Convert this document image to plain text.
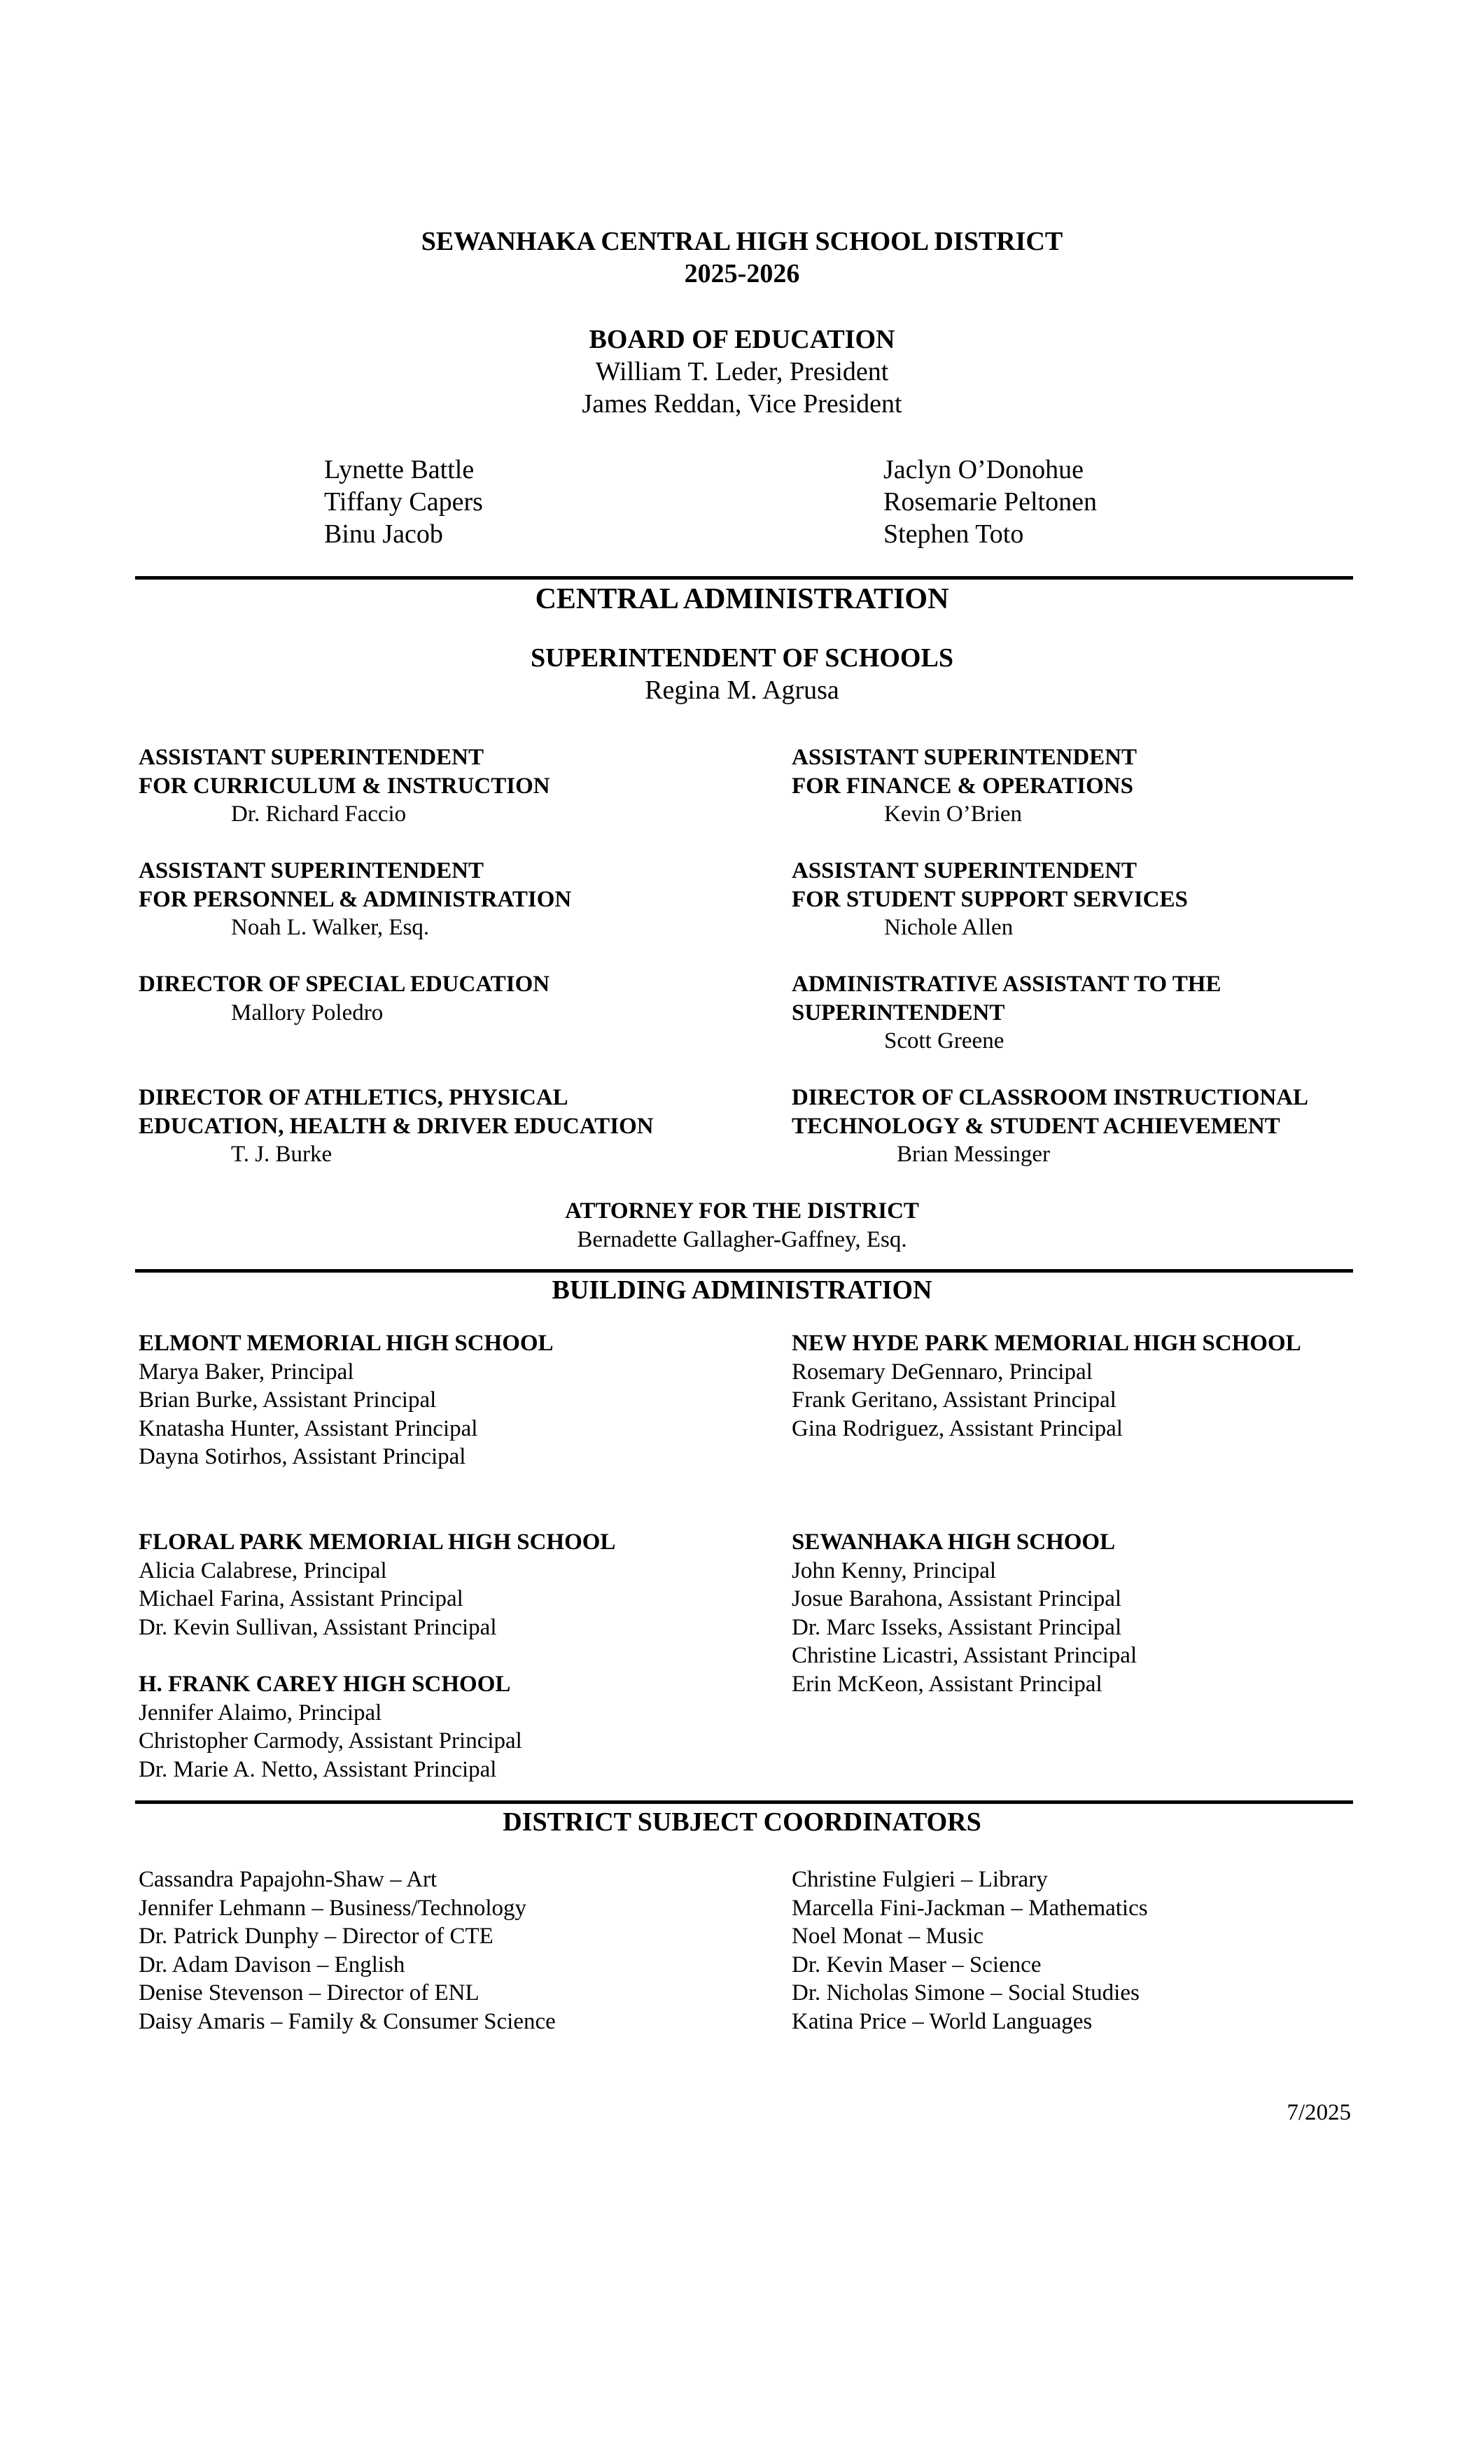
SEWANHAKA CENTRAL HIGH SCHOOL DISTRICT
2025-2026
BOARD OF EDUCATION
William T. Leder, President
James Reddan, Vice President
Lynette Battle
Tiffany Capers
Binu Jacob
Jaclyn O’Donohue
Rosemarie Peltonen
Stephen Toto
CENTRAL ADMINISTRATION
SUPERINTENDENT OF SCHOOLS
Regina M. Agrusa
ASSISTANT SUPERINTENDENT
FOR CURRICULUM & INSTRUCTION
Dr. Richard Faccio
ASSISTANT SUPERINTENDENT
FOR PERSONNEL & ADMINISTRATION
Noah L. Walker, Esq.
DIRECTOR OF SPECIAL EDUCATION
Mallory Poledro
DIRECTOR OF ATHLETICS, PHYSICAL
EDUCATION, HEALTH & DRIVER EDUCATION
T. J. Burke
ASSISTANT SUPERINTENDENT
FOR FINANCE & OPERATIONS
Kevin O’Brien
ASSISTANT SUPERINTENDENT
FOR STUDENT SUPPORT SERVICES
Nichole Allen
ADMINISTRATIVE ASSISTANT TO THE
SUPERINTENDENT
Scott Greene
DIRECTOR OF CLASSROOM INSTRUCTIONAL
TECHNOLOGY & STUDENT ACHIEVEMENT
Brian Messinger
ATTORNEY FOR THE DISTRICT
Bernadette Gallagher-Gaffney, Esq.
BUILDING ADMINISTRATION
ELMONT MEMORIAL HIGH SCHOOL
Marya Baker, Principal
Brian Burke, Assistant Principal
Knatasha Hunter, Assistant Principal
Dayna Sotirhos, Assistant Principal
NEW HYDE PARK MEMORIAL HIGH SCHOOL
Rosemary DeGennaro, Principal
Frank Geritano, Assistant Principal
Gina Rodriguez, Assistant Principal
FLORAL PARK MEMORIAL HIGH SCHOOL
Alicia Calabrese, Principal
Michael Farina, Assistant Principal
Dr. Kevin Sullivan, Assistant Principal
SEWANHAKA HIGH SCHOOL
John Kenny, Principal
Josue Barahona, Assistant Principal
Dr. Marc Isseks, Assistant Principal
Christine Licastri, Assistant Principal
Erin McKeon, Assistant Principal
H. FRANK CAREY HIGH SCHOOL
Jennifer Alaimo, Principal
Christopher Carmody, Assistant Principal
Dr. Marie A. Netto, Assistant Principal
DISTRICT SUBJECT COORDINATORS
Cassandra Papajohn-Shaw – Art
Jennifer Lehmann – Business/Technology
Dr. Patrick Dunphy – Director of CTE
Dr. Adam Davison – English
Denise Stevenson – Director of ENL
Daisy Amaris – Family & Consumer Science
Christine Fulgieri – Library
Marcella Fini-Jackman – Mathematics
Noel Monat – Music
Dr. Kevin Maser – Science
Dr. Nicholas Simone – Social Studies
Katina Price – World Languages
7/2025
